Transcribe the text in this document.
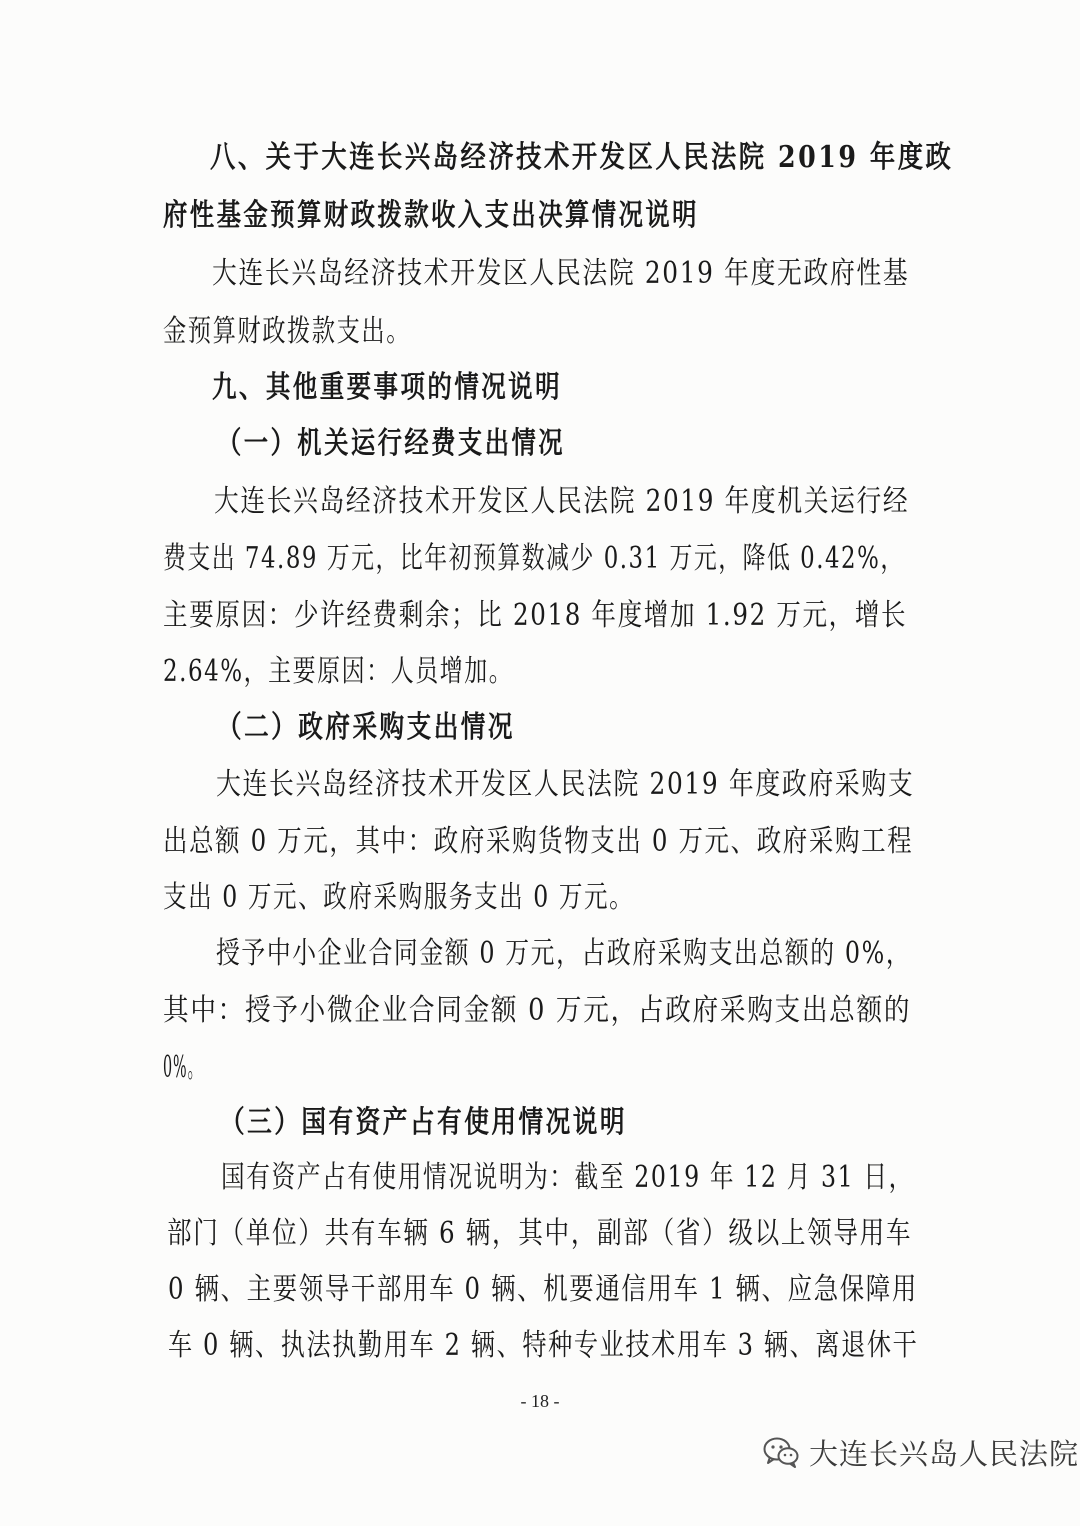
八、关于大连长兴岛经济技术开发区人民法院 2019 年度政
府性基金预算财政拨款收入支出决算情况说明
大连长兴岛经济技术开发区人民法院 2019 年度无政府性基
金预算财政拨款支出。
九、其他重要事项的情况说明
（一）机关运行经费支出情况
大连长兴岛经济技术开发区人民法院 2019 年度机关运行经
费支出 74.89 万元，比年初预算数减少 0.31 万元，降低 0.42%，
主要原因：少许经费剩余；比 2018 年度增加 1.92 万元，增长
2.64%，主要原因：人员增加。
（二）政府采购支出情况
大连长兴岛经济技术开发区人民法院 2019 年度政府采购支
出总额 0 万元，其中：政府采购货物支出 0 万元、政府采购工程
支出 0 万元、政府采购服务支出 0 万元。
授予中小企业合同金额 0 万元，占政府采购支出总额的 0%，
其中：授予小微企业合同金额 0 万元，占政府采购支出总额的
0%。
（三）国有资产占有使用情况说明
国有资产占有使用情况说明为：截至 2019 年 12 月 31 日，
部门（单位）共有车辆 6 辆，其中，副部（省）级以上领导用车
0 辆、主要领导干部用车 0 辆、机要通信用车 1 辆、应急保障用
车 0 辆、执法执勤用车 2 辆、特种专业技术用车 3 辆、离退休干
- 18 -
大连长兴岛人民法院
